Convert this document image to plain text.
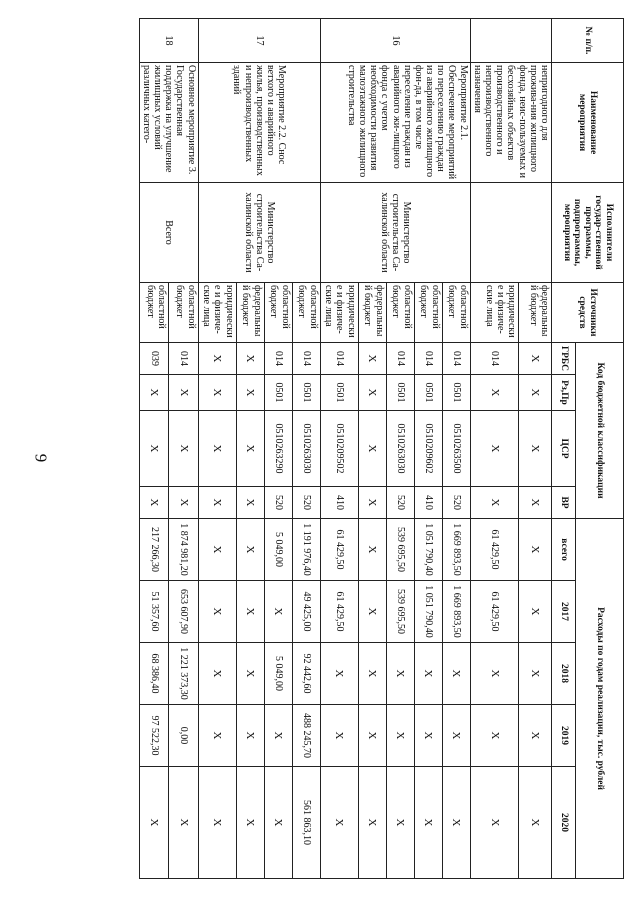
9
№ п/п.	Наименование мероприятия	Исполнители государ-ственной программы, подпрограммы, мероприятия	Источники средств	Код бюджетной классификации				Расходы по годам реализации, тыс. рублей				
				ГРБС	Рз,Пр	ЦСР	ВР	всего	2017	2018	2019	2020
	непригодного для прожива-ния жилищного фонда, неис-пользуемых и бесхозяйных объектов производственного и непроизводственного назначения		федеральный бюджет	Х	Х	Х	Х	Х	Х	Х	Х	Х
			юридические и физиче-ские лица	014	Х	Х	Х	61 429,50	61 429,50	Х	Х	Х
16	Мероприятие 2.1. Обеспечение мероприятий по переселению граждан из аварийного жилищного фон-да, в том числе переселение граждан из аварийного жи-лищного фонда с учетом необходимости развития малоэтажного жилищного строительства	Министерство строительства Са-халинской области	областной бюджет	014	0501	0510263500	520	1 669 893,50	1 669 893,50	Х	Х	Х
			областной бюджет	014	0501	0510209602	410	1 051 790,40	1 051 790,40	Х	Х	Х
			областной бюджет	014	0501	0510263030	520	539 695,50	539 695,50	Х	Х	Х
			федеральный бюджет	Х	Х	Х	Х	Х	Х	Х	Х	Х
			юридические и физиче-ские лица	014	0501	0510209502	410	61 429,50	61 429,50	Х	Х	Х
17	Мероприятие 2.2. Снос ветхого и аварийного жилья, производственных и непроизводственных зданий	Министерство строительства Са-халинской области	областной бюджет	014	0501	0510263030	520	1 191 976,40	49 425,00	92 442,60	488 245,70	561 863,10
			областной бюджет	014	0501	0510263290	520	5 049,00	Х	5 049,00	Х	Х
			федеральный бюджет	Х	Х	Х	Х	Х	Х	Х	Х	Х
			юридические и физиче-ские лица	Х	Х	Х	Х	Х	Х	Х	Х	Х
18	Основное мероприятие 3. Государственная поддержка на улучшение жилищных условий различных катего-	Всего	областной бюджет	014	Х	Х	Х	1 874 981,20	653 607,90	1 221 373,30	0,00	Х
			областной бюджет	039	Х	Х	Х	217 266,30	51 357,60	68 386,40	97 522,30	Х
